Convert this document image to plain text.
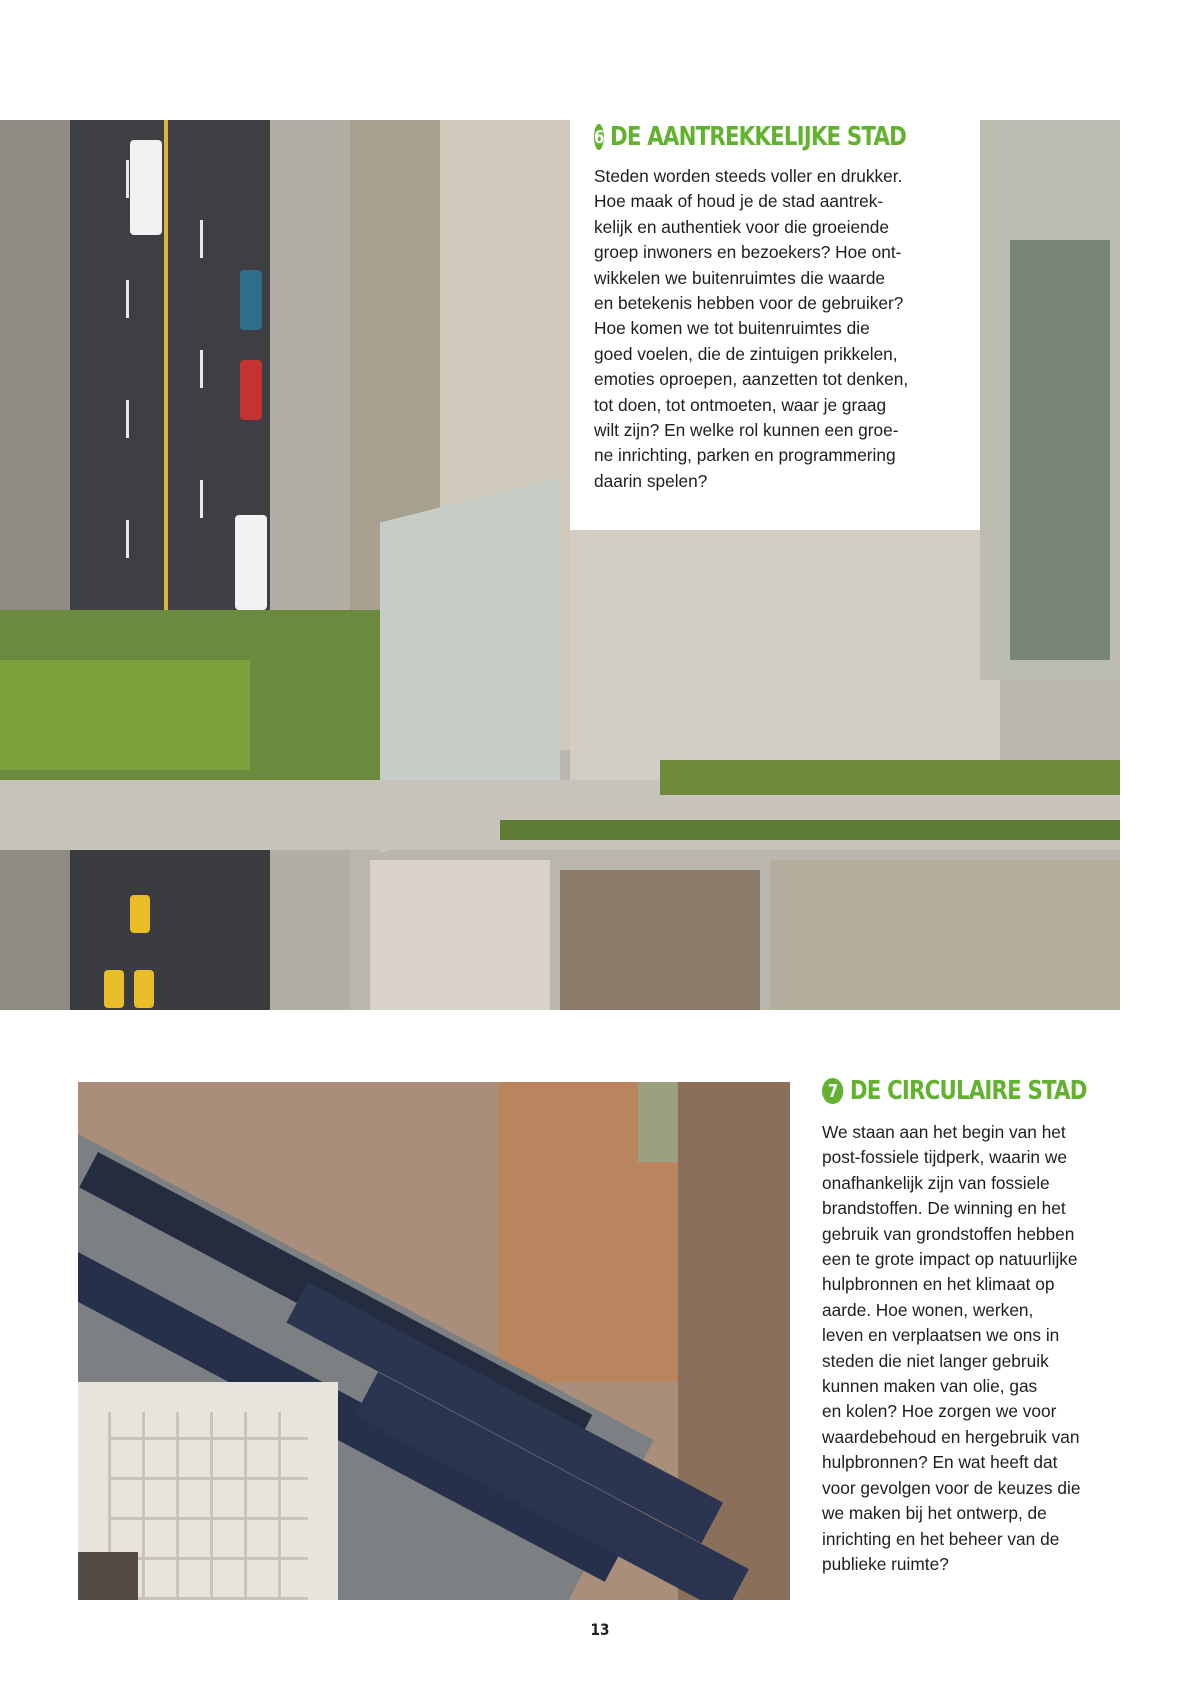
6 DE AANTREKKELIJKE STAD

Steden worden steeds voller en drukker.
Hoe maak of houd je de stad aantrek-
kelijk en authentiek voor die groeiende
groep inwoners en bezoekers? Hoe ont-
wikkelen we buitenruimtes die waarde
en betekenis hebben voor de gebruiker?
Hoe komen we tot buitenruimtes die
goed voelen, die de zintuigen prikkelen,
emoties oproepen, aanzetten tot denken,
tot doen, tot ontmoeten, waar je graag
wilt zijn? En welke rol kunnen een groe-
ne inrichting, parken en programmering
daarin spelen?

7 DE CIRCULAIRE STAD

We staan aan het begin van het
post-fossiele tijdperk, waarin we
onafhankelijk zijn van fossiele
brandstoffen. De winning en het
gebruik van grondstoffen hebben
een te grote impact op natuurlijke
hulpbronnen en het klimaat op
aarde. Hoe wonen, werken,
leven en verplaatsen we ons in
steden die niet langer gebruik
kunnen maken van olie, gas
en kolen? Hoe zorgen we voor
waardebehoud en hergebruik van
hulpbronnen? En wat heeft dat
voor gevolgen voor de keuzes die
we maken bij het ontwerp, de
inrichting en het beheer van de
publieke ruimte?

13
